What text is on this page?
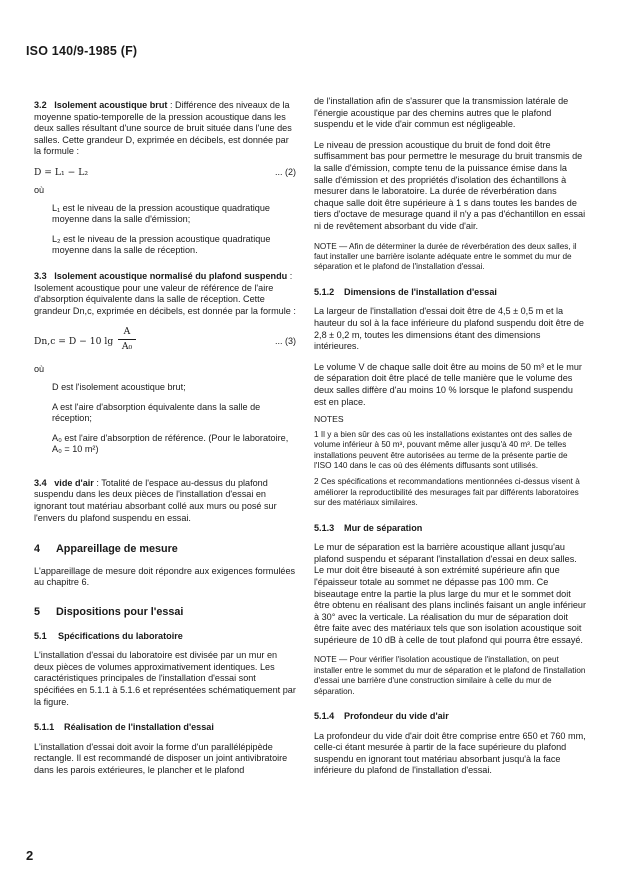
ISO 140/9-1985 (F)

3.2 Isolement acoustique brut : Différence des niveaux de la moyenne spatio-temporelle de la pression acoustique dans les deux salles résultant d'une source de bruit située dans l'une des salles. Cette grandeur D, exprimée en décibels, est donnée par la formule :

D = L₁ − L₂	... (2)

où

L₁ est le niveau de la pression acoustique quadratique moyenne dans la salle d'émission;

L₂ est le niveau de la pression acoustique quadratique moyenne dans la salle de réception.

3.3 Isolement acoustique normalisé du plafond suspendu : Isolement acoustique pour une valeur de référence de l'aire d'absorption équivalente dans la salle de réception. Cette grandeur Dn,c, exprimée en décibels, est donnée par la formule :

Dn,c = D − 10 lg
A
A₀	... (3)

où

D est l'isolement acoustique brut;

A est l'aire d'absorption équivalente dans la salle de réception;

A₀ est l'aire d'absorption de référence. (Pour le laboratoire, A₀ = 10 m²)

3.4 vide d'air : Totalité de l'espace au-dessus du plafond suspendu dans les deux pièces de l'installation d'essai en ignorant tout matériau absorbant collé aux murs ou posé sur l'envers du plafond suspendu en essai.

4 Appareillage de mesure

L'appareillage de mesure doit répondre aux exigences formulées au chapitre 6.

5 Dispositions pour l'essai
5.1 Spécifications du laboratoire

L'installation d'essai du laboratoire est divisée par un mur en deux pièces de volumes approximativement identiques. Les caractéristiques principales de l'installation d'essai sont spécifiées en 5.1.1 à 5.1.6 et représentées schématiquement par la figure.

5.1.1 Réalisation de l'installation d'essai

L'installation d'essai doit avoir la forme d'un parallélépipède rectangle. Il est recommandé de disposer un joint antivibratoire dans les parois extérieures, le plancher et le plafond

de l'installation afin de s'assurer que la transmission latérale de l'énergie acoustique par des chemins autres que le plafond suspendu et le vide d'air commun est négligeable.

Le niveau de pression acoustique du bruit de fond doit être suffisamment bas pour permettre le mesurage du bruit transmis de la salle d'émission, compte tenu de la puissance émise dans la salle d'émission et des propriétés d'isolation des échantillons à mesurer dans le laboratoire. La durée de réverbération dans chaque salle doit être supérieure à 1 s dans toutes les bandes de tiers d'octave de mesurage quand il n'y a pas d'échantillon en essai ni de revêtement absorbant du vide d'air.

NOTE — Afin de déterminer la durée de réverbération des deux salles, il faut installer une barrière isolante adéquate entre le sommet du mur de séparation et le plafond de l'installation d'essai.

5.1.2 Dimensions de l'installation d'essai

La largeur de l'installation d'essai doit être de 4,5 ± 0,5 m et la hauteur du sol à la face inférieure du plafond suspendu doit être de 2,8 ± 0,2 m, toutes les dimensions étant des dimensions intérieures.

Le volume V de chaque salle doit être au moins de 50 m³ et le mur de séparation doit être placé de telle manière que le volume des deux salles diffère d'au moins 10 % lorsque le plafond suspendu est en place.

NOTES

1 Il y a bien sûr des cas où les installations existantes ont des salles de volume inférieur à 50 m³, pouvant même aller jusqu'à 40 m³. De telles installations peuvent être autorisées au terme de la présente partie de l'ISO 140 dans le cas où des éléments diffusants sont utilisés.

2 Ces spécifications et recommandations mentionnées ci-dessus visent à améliorer la reproductibilité des mesurages fait par différents laboratoires sur des matériaux similaires.

5.1.3 Mur de séparation

Le mur de séparation est la barrière acoustique allant jusqu'au plafond suspendu et séparant l'installation d'essai en deux salles. Le mur doit être biseauté à son extrémité supérieure afin que l'épaisseur totale au sommet ne dépasse pas 100 mm. Ce biseautage entre la partie la plus large du mur et le sommet doit être obtenu en réalisant des plans inclinés faisant un angle inférieur à 30° avec la verticale. La réalisation du mur de séparation doit être faite avec des matériaux tels que son isolation acoustique soit supérieure de 10 dB à celle de tout plafond qui pourra être essayé.

NOTE — Pour vérifier l'isolation acoustique de l'installation, on peut installer entre le sommet du mur de séparation et le plafond de l'installation d'essai une barrière d'une construction similaire à celle du mur de séparation.

5.1.4 Profondeur du vide d'air

La profondeur du vide d'air doit être comprise entre 650 et 760 mm, celle-ci étant mesurée à partir de la face supérieure du plafond suspendu en ignorant tout matériau absorbant jusqu'à la face inférieure du plafond de l'installation d'essai.

2
